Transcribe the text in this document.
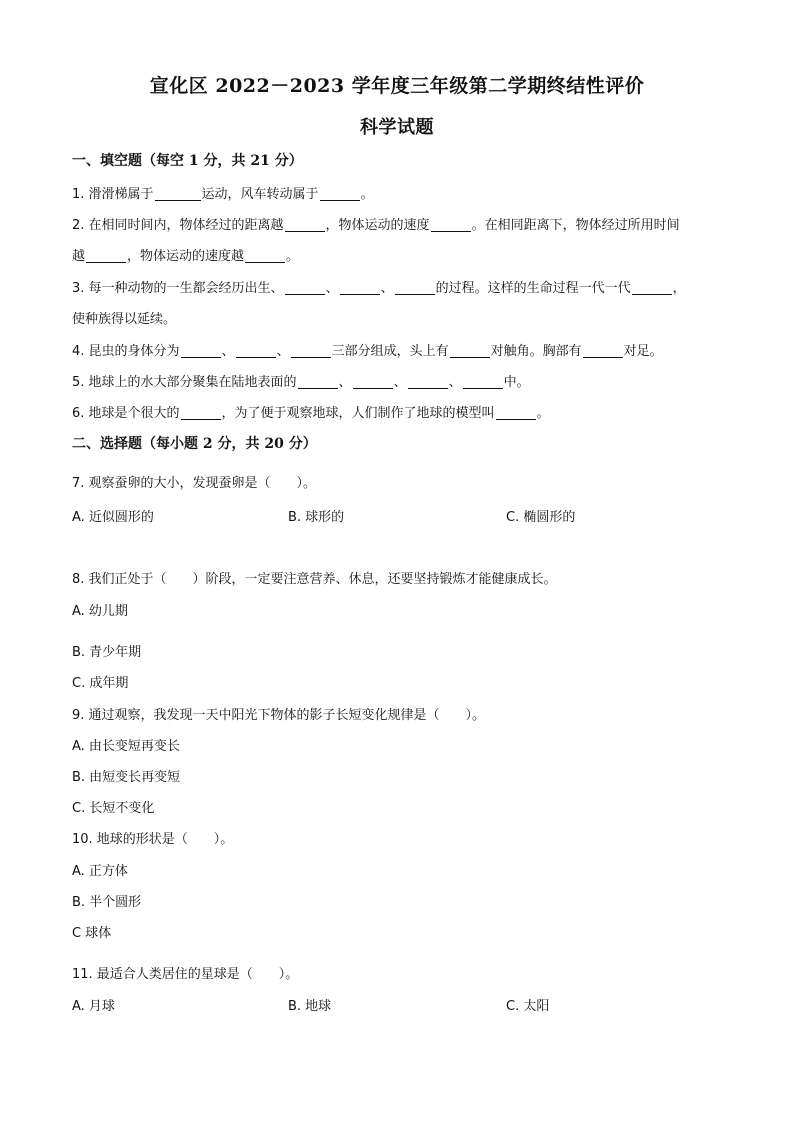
宣化区 2022－2023 学年度三年级第二学期终结性评价
科学试题
一、填空题（每空 1 分，共 21 分）
1. 滑滑梯属于	运动，风车转动属于	。
2. 在相同时间内，物体经过的距离越	，物体运动的速度	。在相同距离下，物体经过所用时间
越	，物体运动的速度越	。
3. 每一种动物的一生都会经历出生、	、	、	的过程。这样的生命过程一代一代	，
使种族得以延续。
4. 昆虫的身体分为	、	、	三部分组成，头上有	对触角。胸部有	对足。
5. 地球上的水大部分聚集在陆地表面的	、	、	、	中。
6. 地球是个很大的	，为了便于观察地球，人们制作了地球的模型叫	。
二、选择题（每小题 2 分，共 20 分）
7. 观察蚕卵的大小，发现蚕卵是（　　）。
A. 近似圆形的	B. 球形的	C. 椭圆形的
8. 我们正处于（　　）阶段，一定要注意营养、休息，还要坚持锻炼才能健康成长。
A. 幼儿期
B. 青少年期
C. 成年期
9. 通过观察，我发现一天中阳光下物体的影子长短变化规律是（　　）。
A. 由长变短再变长
B. 由短变长再变短
C. 长短不变化
10. 地球的形状是（　　）。
A. 正方体
B. 半个圆形
C 球体
11. 最适合人类居住的星球是（　　）。
A. 月球	B. 地球	C. 太阳
